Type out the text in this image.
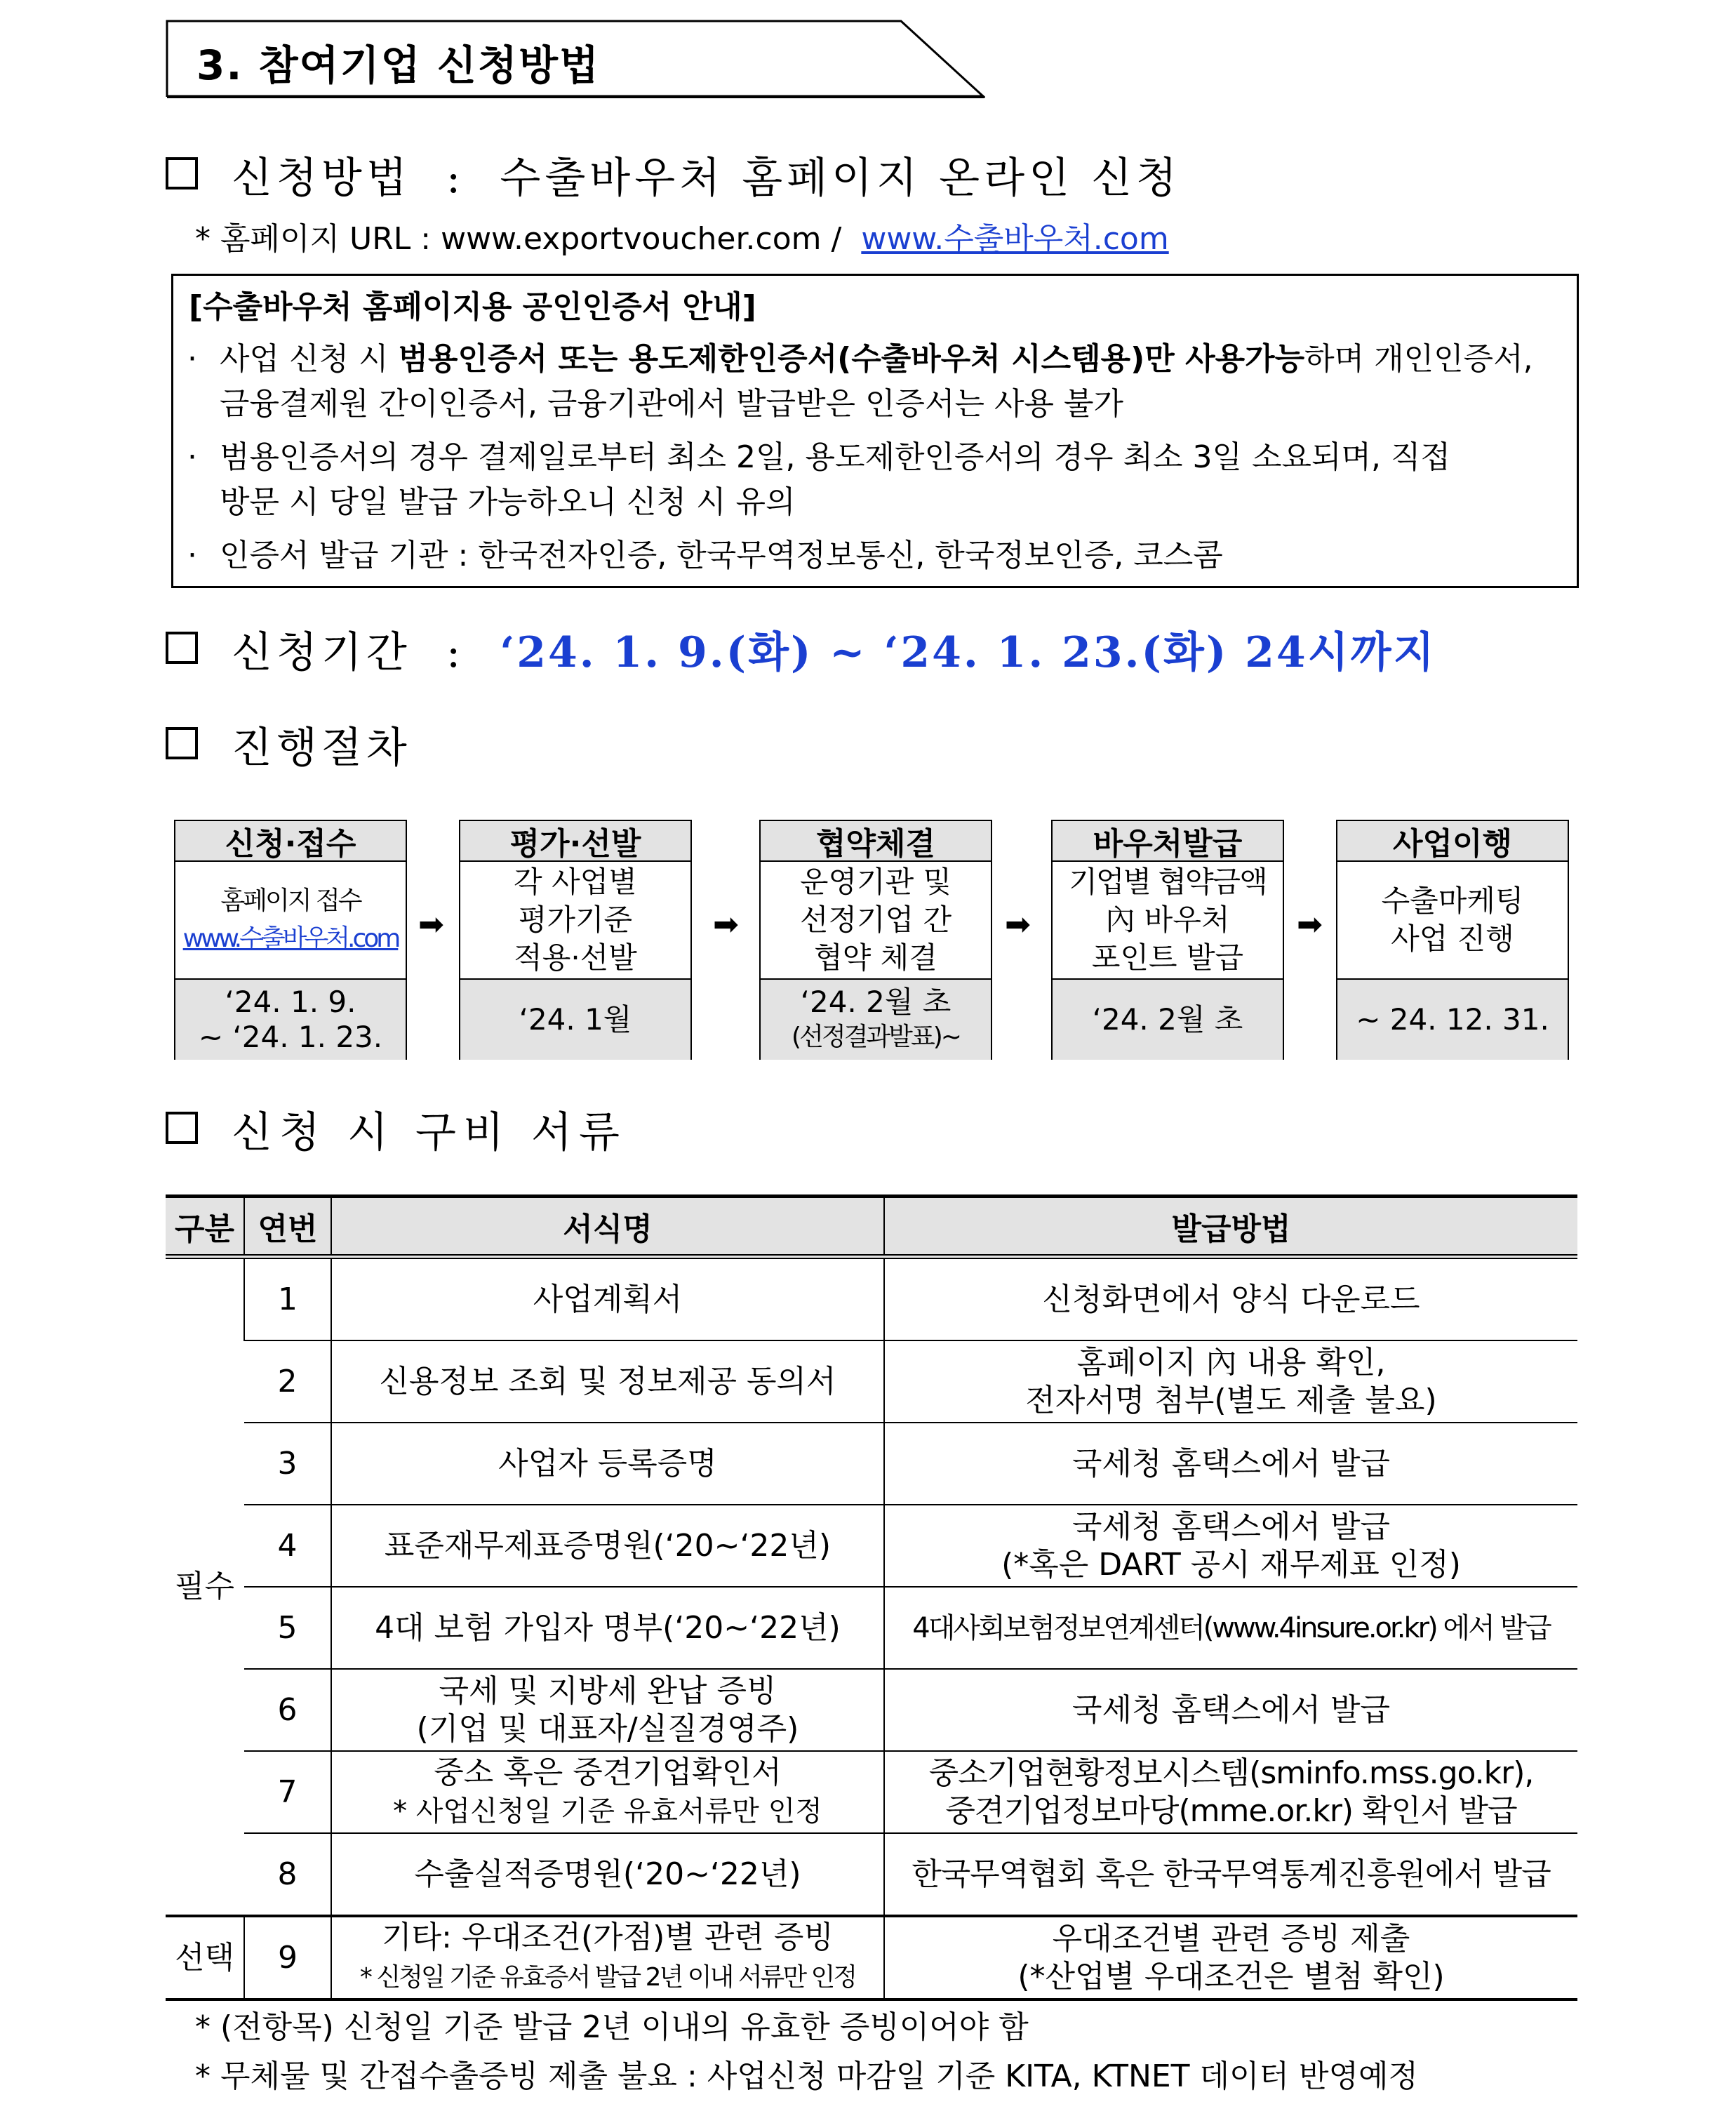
3. 참여기업 신청방법
신청방법  :  수출바우처 홈페이지 온라인 신청
* 홈페이지 URL : www.exportvoucher.com / www.수출바우처.com
[수출바우처 홈페이지용 공인인증서 안내]
· 사업 신청 시 범용인증서 또는 용도제한인증서(수출바우처 시스템용)만 사용가능하며 개인인증서,
금융결제원 간이인증서, 금융기관에서 발급받은 인증서는 사용 불가
· 범용인증서의 경우 결제일로부터 최소 2일, 용도제한인증서의 경우 최소 3일 소요되며, 직접
방문 시 당일 발급 가능하오니 신청 시 유의
· 인증서 발급 기관 : 한국전자인증, 한국무역정보통신, 한국정보인증, 코스콤
신청기간  :  ‘24. 1. 9.(화) ~ ‘24. 1. 23.(화) 24시까지
진행절차
신청·접수
홈페이지 접수
www.수출바우처.com
‘24. 1. 9.
~ ‘24. 1. 23.
➡
평가·선발
각 사업별
평가기준
적용·선발
‘24. 1월
➡
협약체결
운영기관 및
선정기업 간
협약 체결
‘24. 2월 초
(선정결과발표)~
➡
바우처발급
기업별 협약금액
內 바우처
포인트 발급
‘24. 2월 초
➡
사업이행
수출마케팅
사업 진행
~ 24. 12. 31.
신청 시 구비 서류
구분	연번	서식명	발급방법
필수	1	사업계획서	신청화면에서 양식 다운로드
	2	신용정보 조회 및 정보제공 동의서	홈페이지 內 내용 확인,
전자서명 첨부(별도 제출 불요)
	3	사업자 등록증명	국세청 홈택스에서 발급
	4	표준재무제표증명원(‘20~‘22년)	국세청 홈택스에서 발급
(*혹은 DART 공시 재무제표 인정)
	5	4대 보험 가입자 명부(‘20~‘22년)	4대사회보험정보연계센터(www.4insure.or.kr) 에서 발급
	6	국세 및 지방세 완납 증빙
(기업 및 대표자/실질경영주)	국세청 홈택스에서 발급
	7	중소 혹은 중견기업확인서
* 사업신청일 기준 유효서류만 인정	중소기업현황정보시스템(sminfo.mss.go.kr),
중견기업정보마당(mme.or.kr) 확인서 발급
	8	수출실적증명원(‘20~‘22년)	한국무역협회 혹은 한국무역통계진흥원에서 발급
선택	9	기타: 우대조건(가점)별 관련 증빙
* 신청일 기준 유효증서 발급 2년 이내 서류만 인정	우대조건별 관련 증빙 제출
(*산업별 우대조건은 별첨 확인)
* (전항목) 신청일 기준 발급 2년 이내의 유효한 증빙이어야 함
* 무체물 및 간접수출증빙 제출 불요 : 사업신청 마감일 기준 KITA, KTNET 데이터 반영예정
